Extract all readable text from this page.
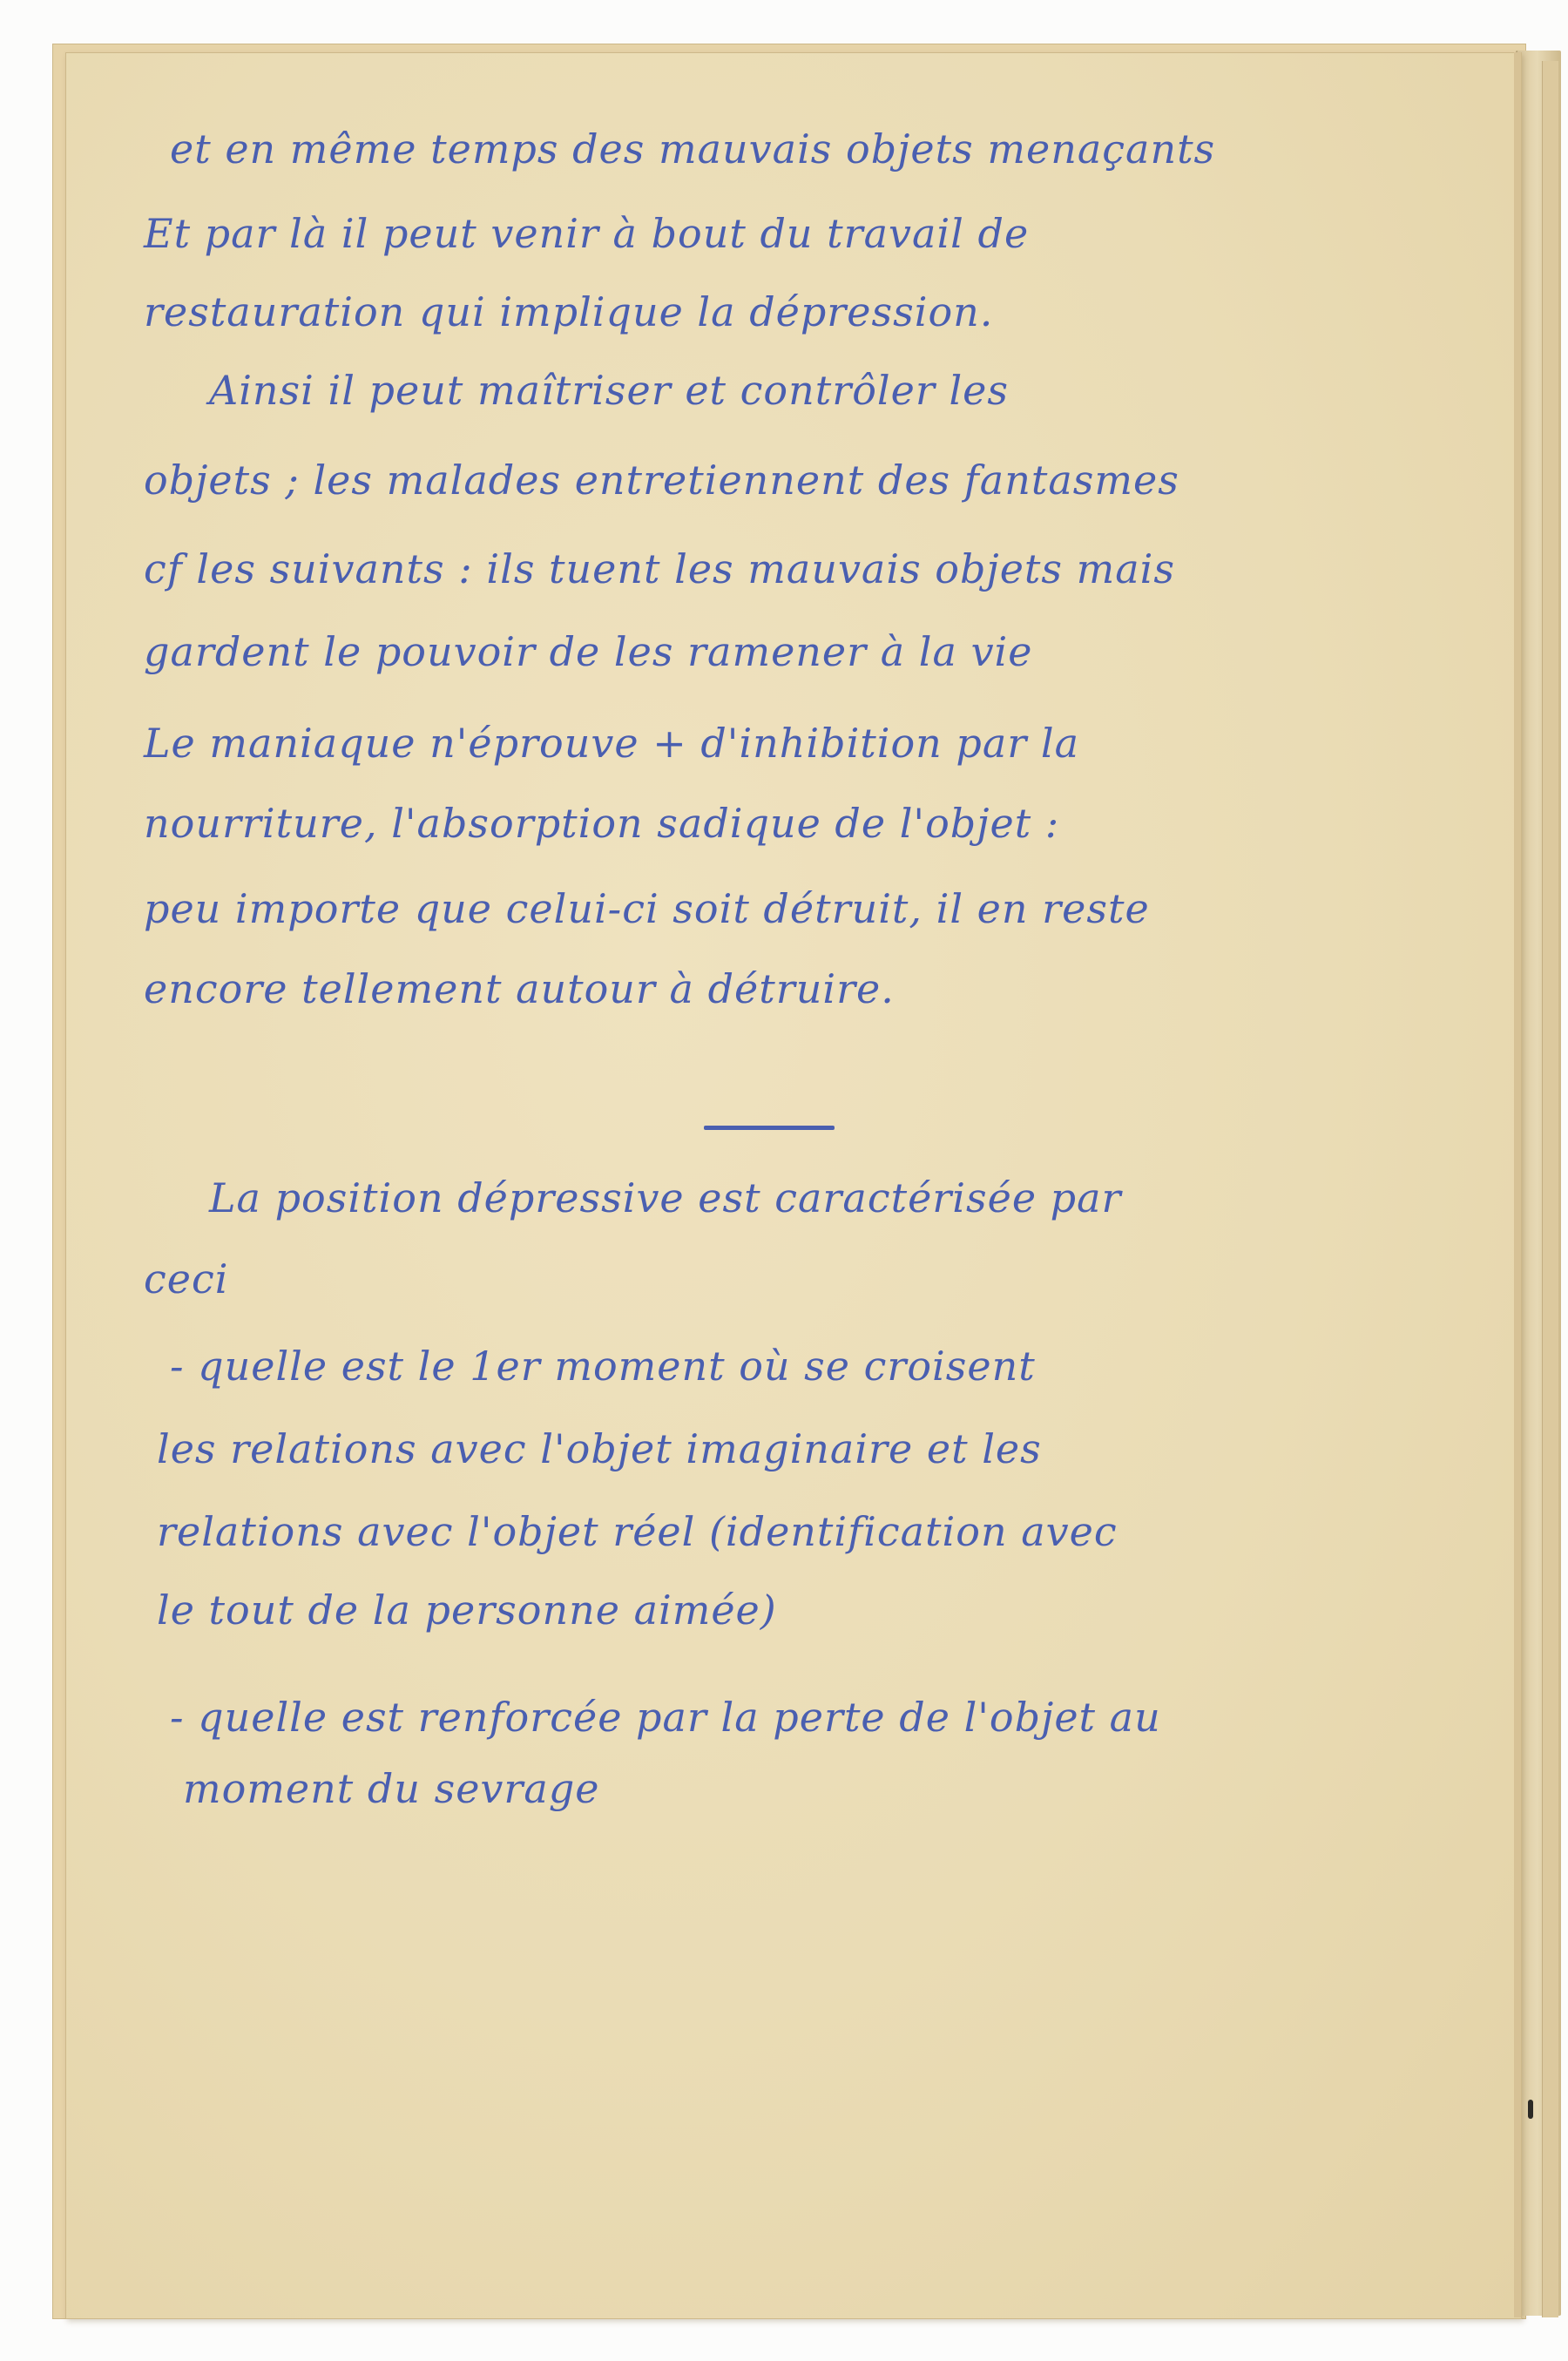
et en même temps des mauvais objets menaçants
Et par là il peut venir à bout du travail de
restauration qui implique la dépression.
Ainsi il peut maîtriser et contrôler les
objets ; les malades entretiennent des fantasmes
cf les suivants : ils tuent les mauvais objets mais
gardent le pouvoir de les ramener à la vie
Le maniaque n'éprouve + d'inhibition par la
nourriture, l'absorption sadique de l'objet :
peu importe que celui-ci soit détruit, il en reste
encore tellement autour à détruire.
La position dépressive est caractérisée par
ceci
- quelle est le 1er moment où se croisent
les relations avec l'objet imaginaire et les
relations avec l'objet réel (identification avec
le tout de la personne aimée)
- quelle est renforcée par la perte de l'objet au
moment du sevrage
